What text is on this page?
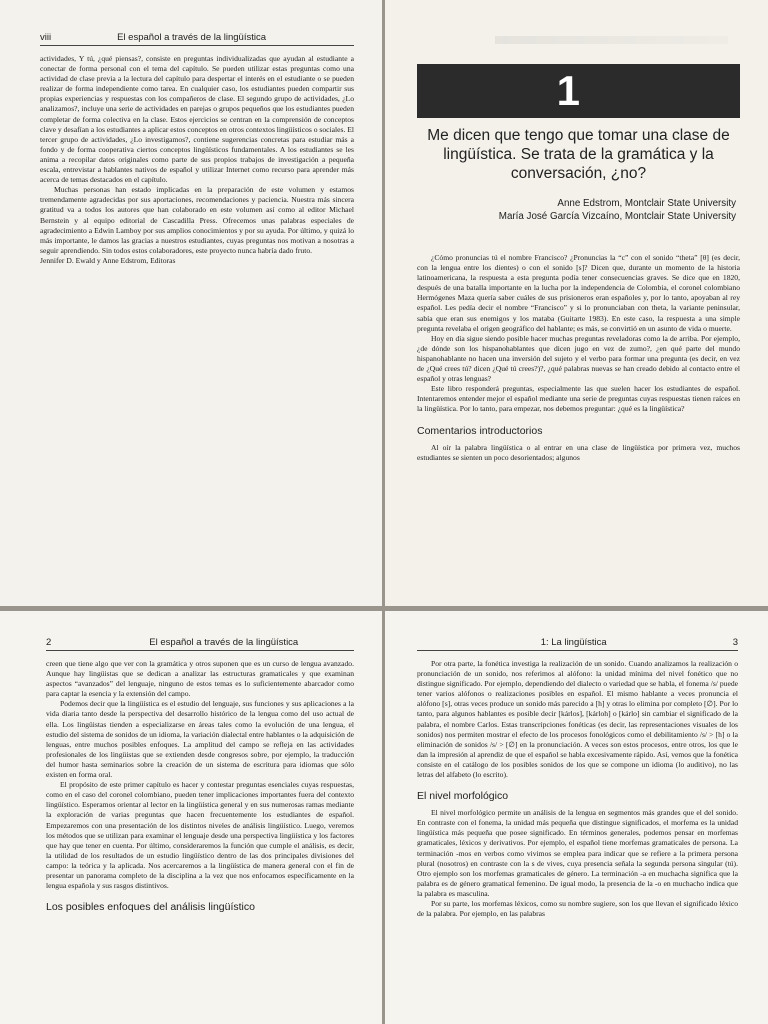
viii	El español a través de la lingüística

actividades, Y tú, ¿qué piensas?, consiste en preguntas individualizadas que ayudan al estudiante a conectar de forma personal con el tema del capítulo. Se pueden utilizar estas preguntas como una actividad de clase previa a la lectura del capítulo para despertar el interés en el estudiante o se pueden realizar de forma independiente como tarea. En cualquier caso, los estudiantes pueden compartir sus propias experiencias y respuestas con los compañeros de clase. El segundo grupo de actividades, ¿Lo analizamos?, incluye una serie de actividades en parejas o grupos pequeños que los estudiantes pueden completar de forma colectiva en la clase. Estos ejercicios se centran en la comprensión de conceptos clave y desafían a los estudiantes a aplicar estos conceptos en otros contextos lingüísticos o sociales. El tercer grupo de actividades, ¿Lo investigamos?, contiene sugerencias concretas para estudiar más a fondo y de forma cooperativa ciertos conceptos lingüísticos fundamentales. A los estudiantes se les anima a recopilar datos originales como parte de sus propios trabajos de investigación a pequeña escala, entrevistar a hablantes nativos de español y utilizar Internet como recurso para aprender más acerca de temas destacados en el capítulo.

Muchas personas han estado implicadas en la preparación de este volumen y estamos tremendamente agradecidas por sus aportaciones, recomendaciones y paciencia. Nuestra más sincera gratitud va a todos los autores que han colaborado en este volumen así como al editor Michael Bernstein y al equipo editorial de Cascadilla Press. Ofrecemos unas palabras especiales de agradecimiento a Edwin Lamboy por sus amplios conocimientos y por su ayuda. Por último, y quizá lo más importante, le damos las gracias a nuestros estudiantes, cuyas preguntas nos motivan a nosotras a seguir aprendiendo. Sin todos estos colaboradores, este proyecto nunca habría dado fruto.

Jennifer D. Ewald y Anne Edstrom, Editoras

1
Me dicen que tengo que tomar una clase de lingüística. Se trata de la gramática y la conversación, ¿no?
Anne Edstrom, Montclair State University
María José García Vizcaíno, Montclair State University

¿Cómo pronuncias tú el nombre Francisco? ¿Pronuncias la “c” con el sonido “theta” [θ] (es decir, con la lengua entre los dientes) o con el sonido [s]? Dicen que, durante un momento de la historia latinoamericana, la respuesta a esta pregunta podía tener consecuencias graves. Se dice que en 1820, después de una batalla importante en la lucha por la independencia de Colombia, el coronel colombiano Hermógenes Maza quería saber cuáles de sus prisioneros eran españoles y, por lo tanto, apoyaban al rey español. Les pedía decir el nombre “Francisco” y si lo pronunciaban con theta, la variante peninsular, sabía que eran sus enemigos y los mataba (Guitarte 1983). En este caso, la respuesta a una simple pregunta revelaba el origen geográfico del hablante; es más, se convirtió en un asunto de vida o muerte.

Hoy en día sigue siendo posible hacer muchas preguntas reveladoras como la de arriba. Por ejemplo, ¿de dónde son los hispanohablantes que dicen jugo en vez de zumo?, ¿en qué parte del mundo hispanohablante no hacen una inversión del sujeto y el verbo para formar una pregunta (es decir, en vez de ¿Qué crees tú? dicen ¿Qué tú crees?)?, ¿qué palabras nuevas se han creado debido al contacto entre el español y otras lenguas?

Este libro responderá preguntas, especialmente las que suelen hacer los estudiantes de español. Intentaremos entender mejor el español mediante una serie de preguntas cuyas respuestas tienen raíces en la lingüística. Por lo tanto, para empezar, nos debemos preguntar: ¿qué es la lingüística?

Comentarios introductorios

Al oír la palabra lingüística o al entrar en una clase de lingüística por primera vez, muchos estudiantes se sienten un poco desorientados; algunos

2	El español a través de la lingüística

creen que tiene algo que ver con la gramática y otros suponen que es un curso de lengua avanzado. Aunque hay lingüistas que se dedican a analizar las estructuras gramaticales y que examinan aspectos “avanzados” del lenguaje, ninguno de estos temas es lo suficientemente abarcador como para captar la esencia y la extensión del campo.

Podemos decir que la lingüística es el estudio del lenguaje, sus funciones y sus aplicaciones a la vida diaria tanto desde la perspectiva del desarrollo histórico de la lengua como del uso actual de ella. Los lingüistas tienden a especializarse en áreas tales como la evolución de una lengua, el estudio del sistema de sonidos de un idioma, la variación dialectal entre hablantes o la adquisición de lenguas, entre muchos posibles enfoques. La amplitud del campo se refleja en las actividades profesionales de los lingüistas que se extienden desde congresos sobre, por ejemplo, la traducción del humor hasta seminarios sobre la creación de un sistema de escritura para idiomas que sólo existen en forma oral.

El propósito de este primer capítulo es hacer y contestar preguntas esenciales cuyas respuestas, como en el caso del coronel colombiano, pueden tener implicaciones importantes fuera del contexto lingüístico. Esperamos orientar al lector en la lingüística general y en sus numerosas ramas mediante la exploración de varias preguntas que hacen frecuentemente los estudiantes de español. Empezaremos con una presentación de los distintos niveles de análisis lingüístico. Luego, veremos los métodos que se utilizan para examinar el lenguaje desde una perspectiva lingüística y los factores que hay que tener en cuenta. Por último, consideraremos la función que cumple el análisis, es decir, la utilidad de los resultados de un estudio lingüístico dentro de las dos principales divisiones del campo: la teórica y la aplicada. Nos acercaremos a la lingüística de manera general con el fin de presentar un panorama completo de la disciplina a la vez que nos enfocamos específicamente en la lengua española y sus rasgos distintivos.

Los posibles enfoques del análisis lingüístico
1: La lingüística	3

Por otra parte, la fonética investiga la realización de un sonido. Cuando analizamos la realización o pronunciación de un sonido, nos referimos al alófono: la unidad mínima del nivel fonético que no distingue significado. Por ejemplo, dependiendo del dialecto o variedad que se habla, el fonema /s/ puede tener varios alófonos o realizaciones posibles en español. El mismo hablante a veces pronuncia el alófono [s], otras veces produce un sonido más parecido a [h] y otras lo elimina por completo [∅]. Por lo tanto, para algunos hablantes es posible decir [kárlos], [kárloh] o [kárlo] sin cambiar el significado de la palabra, el nombre Carlos. Estas transcripciones fonéticas (es decir, las representaciones visuales de los sonidos) nos permiten mostrar el efecto de los procesos fonológicos como el debilitamiento /s/ > [h] o la eliminación de sonidos /s/ > [∅] en la pronunciación. A veces son estos procesos, entre otros, los que le dan la impresión al aprendiz de que el español se habla excesivamente rápido. Así, vemos que la fonética consiste en el catálogo de los posibles sonidos de los que se compone un idioma (lo auditivo), no las letras del alfabeto (lo escrito).

El nivel morfológico

El nivel morfológico permite un análisis de la lengua en segmentos más grandes que el del sonido. En contraste con el fonema, la unidad más pequeña que distingue significados, el morfema es la unidad lingüística más pequeña que posee significado. En términos generales, podemos pensar en morfemas gramaticales, léxicos y derivativos. Por ejemplo, el español tiene morfemas gramaticales de persona. La terminación -mos en verbos como vivimos se emplea para indicar que se refiere a la primera persona plural (nosotros) en contraste con la s de vives, cuya presencia señala la segunda persona singular (tú). Otro ejemplo son los morfemas gramaticales de género. La terminación -a en muchacha significa que la palabra es de género gramatical femenino. De igual modo, la presencia de la -o en muchacho indica que la palabra es masculina.

Por su parte, los morfemas léxicos, como su nombre sugiere, son los que llevan el significado léxico de la palabra. Por ejemplo, en las palabras
